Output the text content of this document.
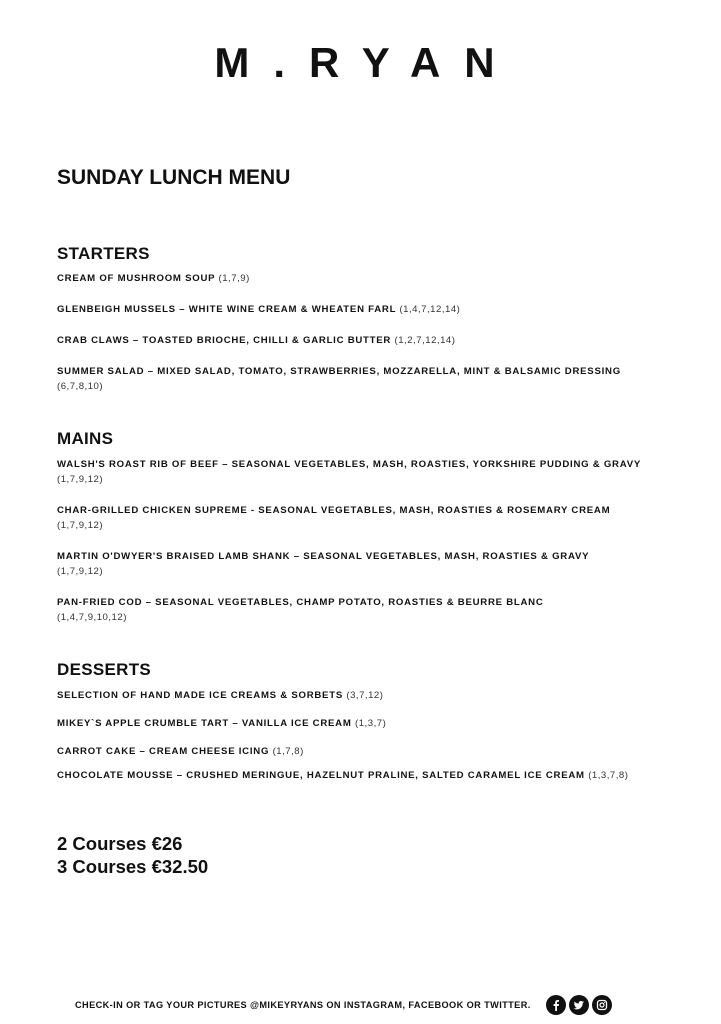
M.RYAN
SUNDAY LUNCH MENU
STARTERS
CREAM OF MUSHROOM SOUP (1,7,9)
GLENBEIGH MUSSELS – WHITE WINE CREAM & WHEATEN FARL (1,4,7,12,14)
CRAB CLAWS – TOASTED BRIOCHE, CHILLI & GARLIC BUTTER (1,2,7,12,14)
SUMMER SALAD – MIXED SALAD, TOMATO, STRAWBERRIES, MOZZARELLA, MINT & BALSAMIC DRESSING
(6,7,8,10)
MAINS
WALSH'S ROAST RIB OF BEEF – SEASONAL VEGETABLES, MASH, ROASTIES, YORKSHIRE PUDDING & GRAVY
(1,7,9,12)
CHAR-GRILLED CHICKEN SUPREME - SEASONAL VEGETABLES, MASH, ROASTIES & ROSEMARY CREAM
(1,7,9,12)
MARTIN O'DWYER'S BRAISED LAMB SHANK – SEASONAL VEGETABLES, MASH, ROASTIES & GRAVY
(1,7,9,12)
PAN-FRIED COD – SEASONAL VEGETABLES, CHAMP POTATO, ROASTIES & BEURRE BLANC
(1,4,7,9,10,12)
DESSERTS
SELECTION OF HAND MADE ICE CREAMS & SORBETS (3,7,12)
MIKEY`S APPLE CRUMBLE TART – VANILLA ICE CREAM (1,3,7)
CARROT CAKE – CREAM CHEESE ICING (1,7,8)
CHOCOLATE MOUSSE – CRUSHED MERINGUE, HAZELNUT PRALINE, SALTED CARAMEL ICE CREAM (1,3,7,8)
2 Courses €26
3 Courses €32.50
CHECK-IN OR TAG YOUR PICTURES @MIKEYRYANS ON INSTAGRAM, FACEBOOK OR TWITTER.
